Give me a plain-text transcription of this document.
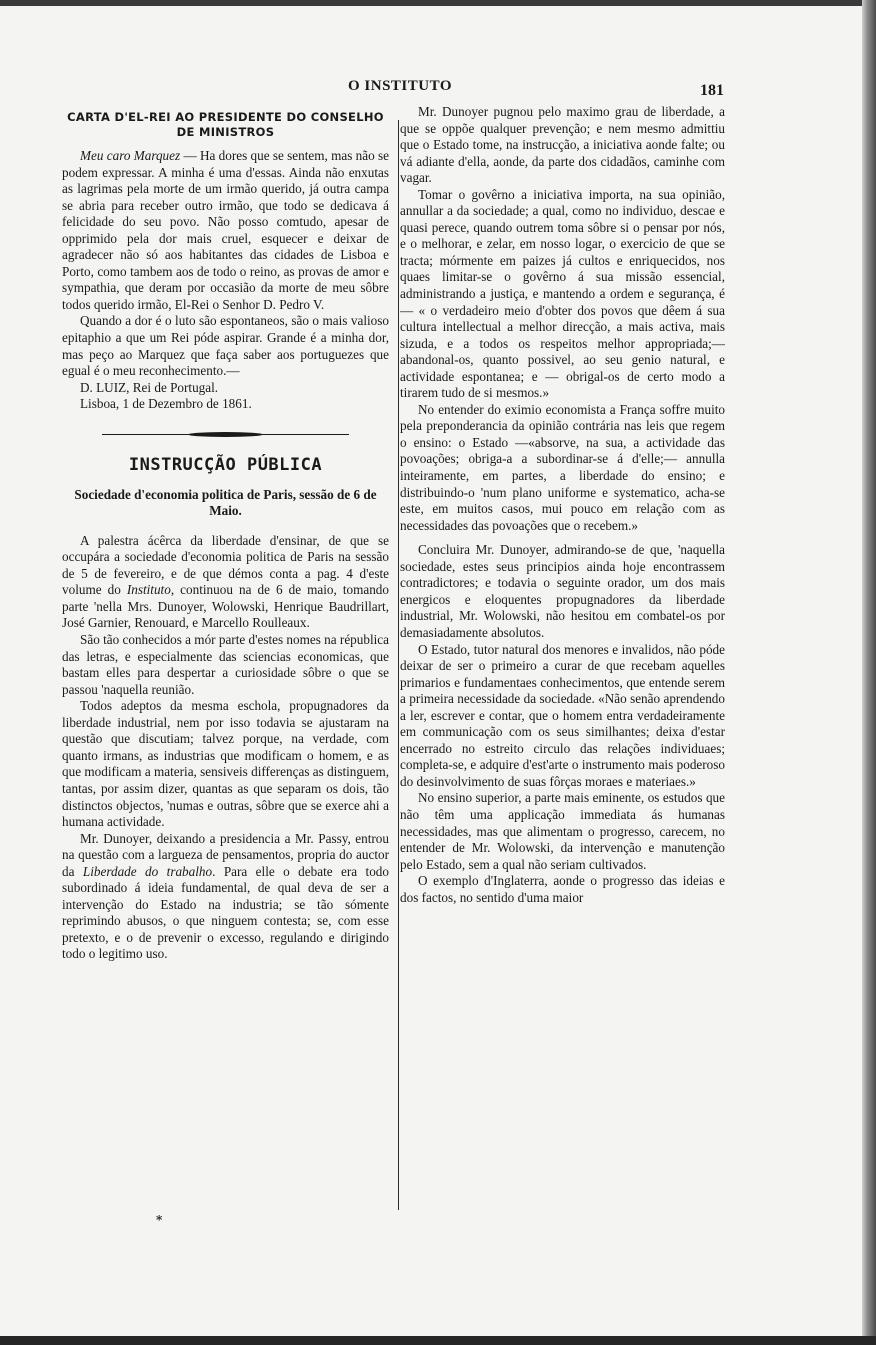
O INSTITUTO	181
CARTA D'EL-REI AO PRESIDENTE DO CONSELHO DE MINISTROS

Meu caro Marquez — Ha dores que se sentem, mas não se podem expressar. A minha é uma d'essas. Ainda não enxutas as lagrimas pela morte de um irmão querido, já outra campa se abria para receber outro irmão, que todo se dedicava á felicidade do seu povo. Não posso comtudo, apesar de opprimido pela dor mais cruel, esquecer e deixar de agradecer não só aos habitantes das cidades de Lisboa e Porto, como tambem aos de todo o reino, as provas de amor e sympathia, que deram por occasião da morte de meu sôbre todos querido irmão, El-Rei o Senhor D. Pedro V.

Quando a dor é o luto são espontaneos, são o mais valioso epitaphio a que um Rei póde aspirar. Grande é a minha dor, mas peço ao Marquez que faça saber aos portuguezes que egual é o meu reconhecimento.—

D. LUIZ, Rei de Portugal.

Lisboa, 1 de Dezembro de 1861.

INSTRUCÇÃO PÚBLICA
Sociedade d'economia politica de Paris, sessão de 6 de Maio.

A palestra ácêrca da liberdade d'ensinar, de que se occupára a sociedade d'economia politica de Paris na sessão de 5 de fevereiro, e de que démos conta a pag. 4 d'este volume do Instituto, continuou na de 6 de maio, tomando parte 'nella Mrs. Dunoyer, Wolowski, Henrique Baudrillart, José Garnier, Renouard, e Marcello Roulleaux.

São tão conhecidos a mór parte d'estes nomes na républica das letras, e especialmente das sciencias economicas, que bastam elles para despertar a curiosidade sôbre o que se passou 'naquella reunião.

Todos adeptos da mesma eschola, propugnadores da liberdade industrial, nem por isso todavia se ajustaram na questão que discutiam; talvez porque, na verdade, com quanto irmans, as industrias que modificam o homem, e as que modificam a materia, sensiveis differenças as distinguem, tantas, por assim dizer, quantas as que separam os dois, tão distinctos objectos, 'numas e outras, sôbre que se exerce ahi a humana actividade.

Mr. Dunoyer, deixando a presidencia a Mr. Passy, entrou na questão com a largueza de pensamentos, propria do auctor da Liberdade do trabalho. Para elle o debate era todo subordinado á ideia fundamental, de qual deva de ser a intervenção do Estado na industria; se tão sómente reprimindo abusos, o que ninguem contesta; se, com esse pretexto, e o de prevenir o excesso, regulando e dirigindo todo o legitimo uso.

*

Mr. Dunoyer pugnou pelo maximo grau de liberdade, a que se oppõe qualquer prevenção; e nem mesmo admittiu que o Estado tome, na instrucção, a iniciativa aonde falte; ou vá adiante d'ella, aonde, da parte dos cidadãos, caminhe com vagar.

Tomar o govêrno a iniciativa importa, na sua opinião, annullar a da sociedade; a qual, como no individuo, descae e quasi perece, quando outrem toma sôbre si o pensar por nós, e o melhorar, e zelar, em nosso logar, o exercicio de que se tracta; mórmente em paizes já cultos e enriquecidos, nos quaes limitar-se o govêrno á sua missão essencial, administrando a justiça, e mantendo a ordem e segurança, é — « o verdadeiro meio d'obter dos povos que dêem á sua cultura intellectual a melhor direcção, a mais activa, mais sizuda, e a todos os respeitos melhor appropriada;— abandonal-os, quanto possivel, ao seu genio natural, e actividade espontanea; e — obrigal-os de certo modo a tirarem tudo de si mesmos.»

No entender do eximio economista a França soffre muito pela preponderancia da opinião contrária nas leis que regem o ensino: o Estado —«absorve, na sua, a actividade das povoações; obriga-a a subordinar-se á d'elle;— annulla inteiramente, em partes, a liberdade do ensino; e distribuindo-o 'num plano uniforme e systematico, acha-se este, em muitos casos, mui pouco em relação com as necessidades das povoações que o recebem.»

Concluira Mr. Dunoyer, admirando-se de que, 'naquella sociedade, estes seus principios ainda hoje encontrassem contradictores; e todavia o seguinte orador, um dos mais energicos e eloquentes propugnadores da liberdade industrial, Mr. Wolowski, não hesitou em combatel-os por demasiadamente absolutos.

O Estado, tutor natural dos menores e invalidos, não póde deixar de ser o primeiro a curar de que recebam aquelles primarios e fundamentaes conhecimentos, que entende serem a primeira necessidade da sociedade. «Não senão aprendendo a ler, escrever e contar, que o homem entra verdadeiramente em communicação com os seus similhantes; deixa d'estar encerrado no estreito circulo das relações individuaes; completa-se, e adquire d'est'arte o instrumento mais poderoso do desinvolvimento de suas fôrças moraes e materiaes.»

No ensino superior, a parte mais eminente, os estudos que não têm uma applicação immediata ás humanas necessidades, mas que alimentam o progresso, carecem, no entender de Mr. Wolowski, da intervenção e manutenção pelo Estado, sem a qual não seriam cultivados.

O exemplo d'Inglaterra, aonde o progresso das ideias e dos factos, no sentido d'uma maior
